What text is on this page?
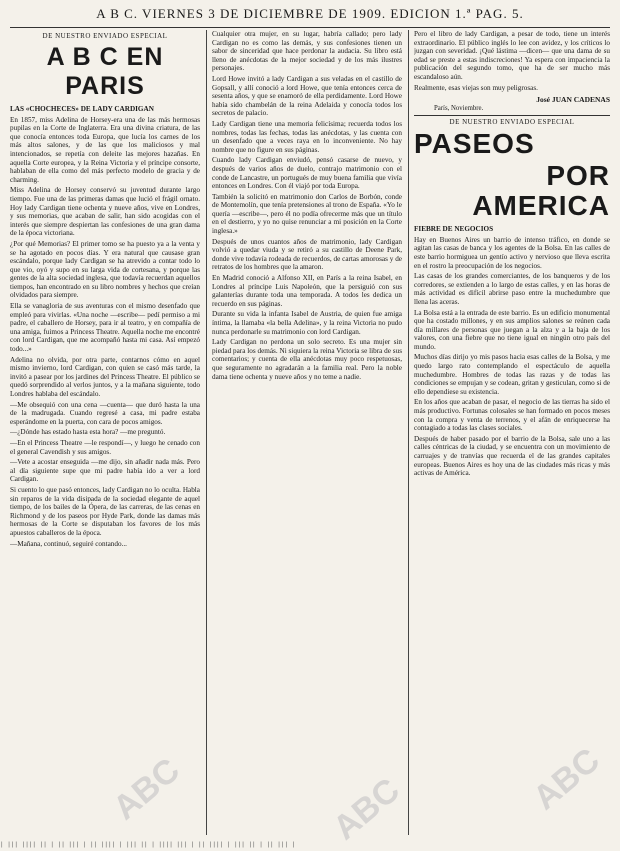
A B C. VIERNES 3 DE DICIEMBRE DE 1909. EDICION 1.ª PAG. 5.
DE NUESTRO ENVIADO ESPECIAL
A B C EN PARIS

LAS «CHOCHECES» DE LADY CARDIGAN

En 1857, miss Adelina de Horsey-era una de las más hermosas pupilas en la Corte de Inglaterra. Era una divina criatura, de las que conocía entonces toda Europa, que lucía los carnes de los más altos salones, y de las que los maliciosos y mal intencionados, se repetía con deleite las mejores hazañas. En aquella Corte europea, y la Reina Victoria y el príncipe consorte, hablaban de ella como del más perfecto modelo de gracia y de charming.

Miss Adelina de Horsey conservó su juventud durante largo tiempo. Fue una de las primeras damas que lució el frágil ornato. Hoy lady Cardigan tiene ochenta y nueve años, vive en Londres, y sus memorias, que acaban de salir, han sido acogidas con el interés que siempre despiertan las confesiones de una gran dama de la época victoriana.

¿Por qué Memorias? El primer tomo se ha puesto ya a la venta y se ha agotado en pocos días. Y era natural que causase gran escándalo, porque lady Cardigan se ha atrevido a contar todo lo que vio, oyó y supo en su larga vida de cortesana, y porque las gentes de la alta sociedad inglesa, que todavía recuerdan aquellos tiempos, han encontrado en su libro nombres y hechos que creían olvidados para siempre.

Ella se vanagloria de sus aventuras con el mismo desenfado que empleó para vivirlas. «Una noche —escribe— pedí permiso a mi padre, el caballero de Horsey, para ir al teatro, y en compañía de una amiga, fuimos a Princess Theatre. Aquella noche me encontré con lord Cardigan, que me acompañó hasta mi casa. Así empezó todo...»

Adelina no olvida, por otra parte, contarnos cómo en aquel mismo invierno, lord Cardigan, con quien se casó más tarde, la invitó a pasear por los jardines del Princess Theatre. El público se quedó sorprendido al verlos juntos, y a la mañana siguiente, todo Londres hablaba del escándalo.

—Me obsequió con una cena —cuenta— que duró hasta la una de la madrugada. Cuando regresé a casa, mi padre estaba esperándome en la puerta, con cara de pocos amigos.

—¿Dónde has estado hasta esta hora? —me preguntó.

—En el Princess Theatre —le respondí—, y luego he cenado con el general Cavendish y sus amigos.

—Vete a acostar enseguida —me dijo, sin añadir nada más. Pero al día siguiente supe que mi padre había ido a ver a lord Cardigan.

Si cuento lo que pasó entonces, lady Cardigan no lo oculta. Habla sin reparos de la vida disipada de la sociedad elegante de aquel tiempo, de los bailes de la Ópera, de las carreras, de las cenas en Richmond y de los paseos por Hyde Park, donde las damas más hermosas de la Corte se disputaban los favores de los más apuestos caballeros de la época.

—Mañana, continuó, seguiré contando...

Cualquier otra mujer, en su lugar, habría callado; pero lady Cardigan no es como las demás, y sus confesiones tienen un sabor de sinceridad que hace perdonar la audacia. Su libro está lleno de anécdotas de la mejor sociedad y de los más ilustres personajes.

Lord Howe invitó a lady Cardigan a sus veladas en el castillo de Gopsall, y allí conoció a lord Howe, que tenía entonces cerca de sesenta años, y que se enamoró de ella perdidamente. Lord Howe había sido chambelán de la reina Adelaida y conocía todos los secretos de palacio.

Lady Cardigan tiene una memoria felicísima; recuerda todos los nombres, todas las fechas, todas las anécdotas, y las cuenta con un desenfado que a veces raya en lo inconveniente. No hay nombre que no figure en sus páginas.

Cuando lady Cardigan enviudó, pensó casarse de nuevo, y después de varios años de duelo, contrajo matrimonio con el conde de Lancastre, un portugués de muy buena familia que vivía entonces en Londres. Con él viajó por toda Europa.

También la solicitó en matrimonio don Carlos de Borbón, conde de Montemolín, que tenía pretensiones al trono de España. «Yo le quería —escribe—, pero él no podía ofrecerme más que un título en el destierro, y yo no quise renunciar a mi posición en la Corte inglesa.»

Después de unos cuantos años de matrimonio, lady Cardigan volvió a quedar viuda y se retiró a su castillo de Deene Park, donde vive todavía rodeada de recuerdos, de cartas amorosas y de retratos de los hombres que la amaron.

En Madrid conoció a Alfonso XII, en París a la reina Isabel, en Londres al príncipe Luis Napoleón, que la persiguió con sus galanterías durante toda una temporada. A todos les dedica un recuerdo en sus páginas.

Durante su vida la infanta Isabel de Austria, de quien fue amiga íntima, la llamaba «la bella Adelina», y la reina Victoria no pudo nunca perdonarle su matrimonio con lord Cardigan.

Lady Cardigan no perdona un solo secreto. Es una mujer sin piedad para los demás. Ni siquiera la reina Victoria se libra de sus comentarios; y cuenta de ella anécdotas muy poco respetuosas, que seguramente no agradarán a la familia real. Pero la noble dama tiene ochenta y nueve años y no teme a nadie.

Pero el libro de lady Cardigan, a pesar de todo, tiene un interés extraordinario. El público inglés lo lee con avidez, y los críticos lo juzgan con severidad. ¡Qué lástima —dicen— que una dama de su edad se preste a estas indiscreciones! Ya espera con impaciencia la publicación del segundo tomo, que ha de ser mucho más escandaloso aún.

Realmente, esas viejas son muy peligrosas.

José JUAN CADENAS
París, Noviembre.
DE NUESTRO ENVIADO ESPECIAL
PASEOS
POR AMERICA

FIEBRE DE NEGOCIOS

Hay en Buenos Aires un barrio de intenso tráfico, en donde se agitan las casas de banca y los agentes de la Bolsa. En las calles de este barrio hormiguea un gentío activo y nervioso que lleva escrita en el rostro la preocupación de los negocios.

Las casas de los grandes comerciantes, de los banqueros y de los corredores, se extienden a lo largo de estas calles, y en las horas de más actividad es difícil abrirse paso entre la muchedumbre que llena las aceras.

La Bolsa está a la entrada de este barrio. Es un edificio monumental que ha costado millones, y en sus amplios salones se reúnen cada día millares de personas que juegan a la alza y a la baja de los valores, con una fiebre que no tiene igual en ningún otro país del mundo.

Muchos días dirijo yo mis pasos hacia esas calles de la Bolsa, y me quedo largo rato contemplando el espectáculo de aquella muchedumbre. Hombres de todas las razas y de todas las condiciones se empujan y se codean, gritan y gesticulan, como si de ello dependiese su existencia.

En los años que acaban de pasar, el negocio de las tierras ha sido el más productivo. Fortunas colosales se han formado en pocos meses con la compra y venta de terrenos, y el afán de enriquecerse ha contagiado a todas las clases sociales.

Después de haber pasado por el barrio de la Bolsa, sale uno a las calles céntricas de la ciudad, y se encuentra con un movimiento de carruajes y de tranvías que recuerda el de las grandes capitales europeas. Buenos Aires es hoy una de las ciudades más ricas y más activas de América.

ABC	ABC	ABC
| ||| |||| || | || ||| | || |||| | ||| || | |||| ||| | || |||| | ||| || | || ||| |
